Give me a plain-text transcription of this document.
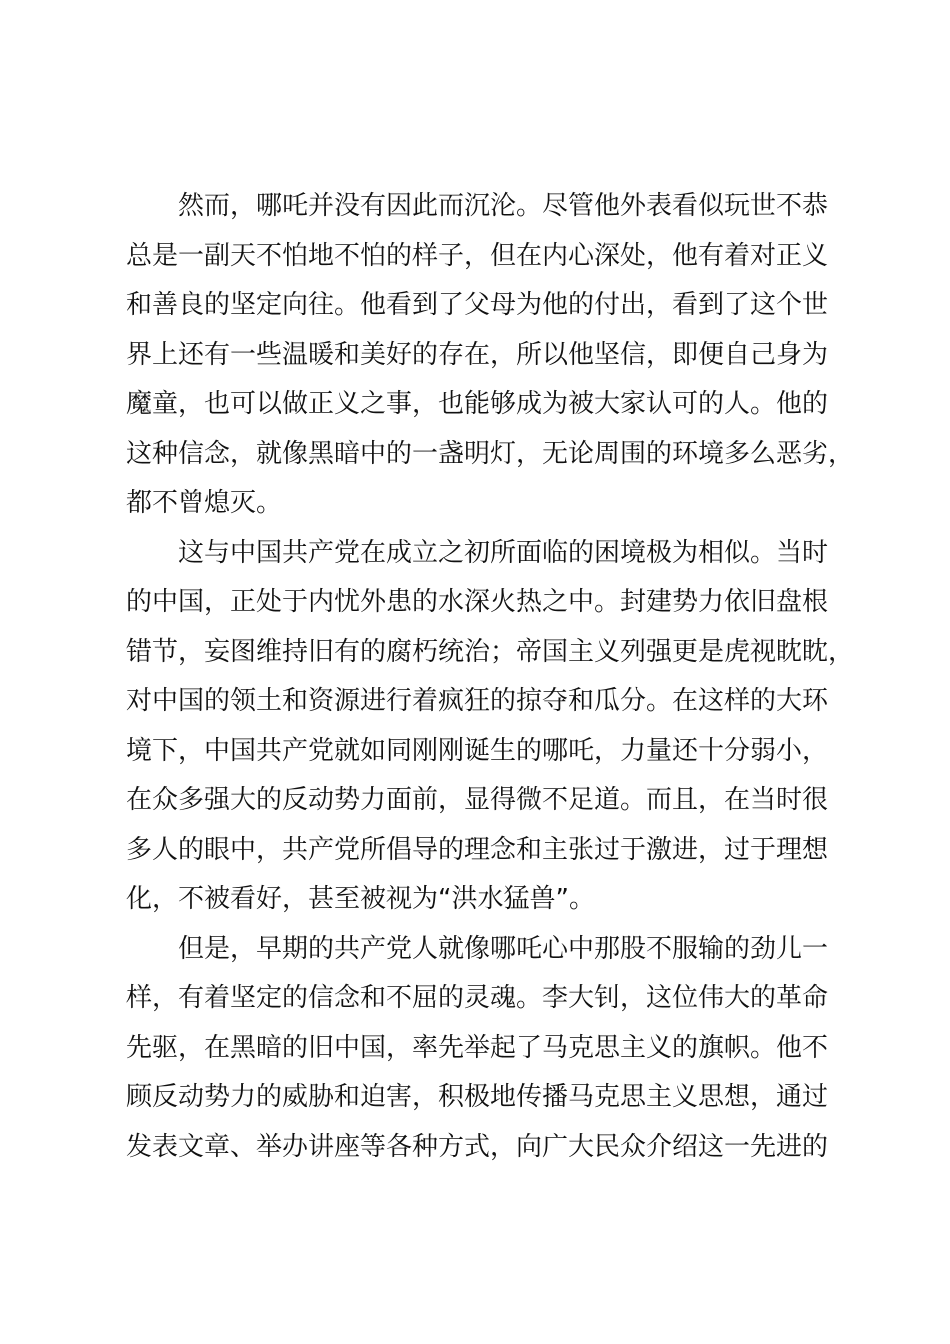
然而，哪吒并没有因此而沉沦。尽管他外表看似玩世不恭
总是一副天不怕地不怕的样子，但在内心深处，他有着对正义
和善良的坚定向往。他看到了父母为他的付出，看到了这个世
界上还有一些温暖和美好的存在，所以他坚信，即便自己身为
魔童，也可以做正义之事，也能够成为被大家认可的人。他的
这种信念，就像黑暗中的一盏明灯，无论周围的环境多么恶劣，
都不曾熄灭。
这与中国共产党在成立之初所面临的困境极为相似。当时
的中国，正处于内忧外患的水深火热之中。封建势力依旧盘根
错节，妄图维持旧有的腐朽统治；帝国主义列强更是虎视眈眈，
对中国的领土和资源进行着疯狂的掠夺和瓜分。在这样的大环
境下，中国共产党就如同刚刚诞生的哪吒，力量还十分弱小，
在众多强大的反动势力面前，显得微不足道。而且，在当时很
多人的眼中，共产党所倡导的理念和主张过于激进，过于理想
化，不被看好，甚至被视为“洪水猛兽”。
但是，早期的共产党人就像哪吒心中那股不服输的劲儿一
样，有着坚定的信念和不屈的灵魂。李大钊，这位伟大的革命
先驱，在黑暗的旧中国，率先举起了马克思主义的旗帜。他不
顾反动势力的威胁和迫害，积极地传播马克思主义思想，通过
发表文章、举办讲座等各种方式，向广大民众介绍这一先进的
